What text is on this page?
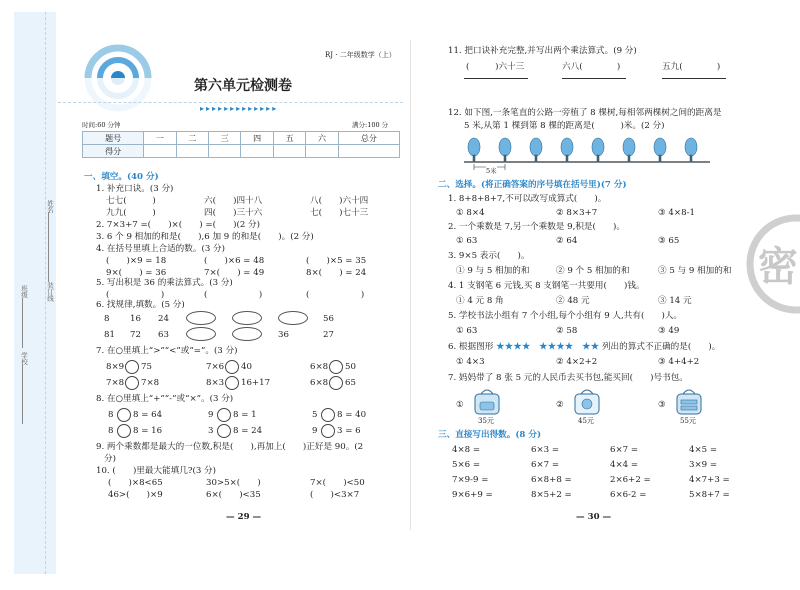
姓名
班级
学校
装订线
RJ · 二年级数学（上）
第六单元检测卷
▸▸▸▸▸▸▸▸▸▸▸▸▸
时间:60 分钟	满分:100 分
题号	一	二	三	四	五	六	总分
得分							
一、填空。(40 分)
1. 补充口诀。(3 分)
七七(　　　)	六(　　)四十八	八(　　)六十四
九九(　　　)	四(　　)三十六	七(　　)七十三
2. 7×3+7 =(　　)×(　　) =(　　)(2 分)
3. 6 个 9 相加的和是(　　),6 加 9 的和是(　　)。(2 分)
4. 在括号里填上合适的数。(3 分)
(　　)×9 = 18	(　　)×6 = 48	(　　)×5 = 35
9×(　　) = 36	7×(　　) = 49	8×(　　) = 24
5. 写出积是 36 的乘法算式。(3 分)
(　　　　　　)	(　　　　　　)	(　　　　　　)
6. 找规律,填数。(5 分)
8 16 24	56
81 72 63	36	27
7. 在○里填上“>”“<”或“=”。(3 分)
8×9 75	7×6 40	6×8 50
7×8 7×8	8×3 16+17	6×8 65
8. 在○里填上“+”“-”或“×”。(3 分)
8 8 = 64	9 8 = 1	5 8 = 40
8 8 = 16	3 8 = 24	9 3 = 6
9. 两个乘数都是最大的一位数,积是(　　),再加上(　　)正好是 90。(2
分)
10. (　　)里最大能填几?(3 分)
(　　)×8<65	30>5×(　　)	7×(　　)<50
46>(　　)×9	6×(　　)<35	(　　)<3×7
— 29 —
11. 把口诀补充完整,并写出两个乘法算式。(9 分)
(　　　)六十三	六八(　　　　)	五九(　　　　)
12. 如下图,一条笔直的公路一旁植了 8 棵树,每相邻两棵树之间的距离是
5 米,从第 1 棵到第 8 棵的距离是(　　　)米。(2 分)
5米
二、选择。(将正确答案的序号填在括号里)(7 分)
1. 8+8+8+7,不可以改写成算式(　　)。
① 8×4	② 8×3+7	③ 4×8-1
2. 一个乘数是 7,另一个乘数是 9,积是(　　)。
① 63	② 64	③ 65
3. 9×5 表示(　　)。
① 9 与 5 相加的和	② 9 个 5 相加的和	③ 5 与 9 相加的和
4. 1 支钢笔 6 元钱,买 8 支钢笔一共要用(　　)钱。
① 4 元 8 角	② 48 元	③ 14 元
5. 学校书法小组有 7 个小组,每个小组有 9 人,共有(　　)人。
① 63	② 58	③ 49
6. 根据图形 ★★★★　★★★★　★★ 列出的算式不正确的是(　　)。
① 4×3	② 4×2+2	③ 4+4+2
7. 妈妈带了 8 张 5 元的人民币去买书包,能买回(　　)号书包。
①	②	③
35元	45元	55元
三、直接写出得数。(8 分)
4×8 =	6×3 =	6×7 =	4×5 =
5×6 =	6×7 =	4×4 =	3×9 =
7×9-9 =	6×8+8 =	2×6+2 =	4×7+3 =
9×6+9 =	8×5+2 =	6×6-2 =	5×8+7 =
— 30 —
密
